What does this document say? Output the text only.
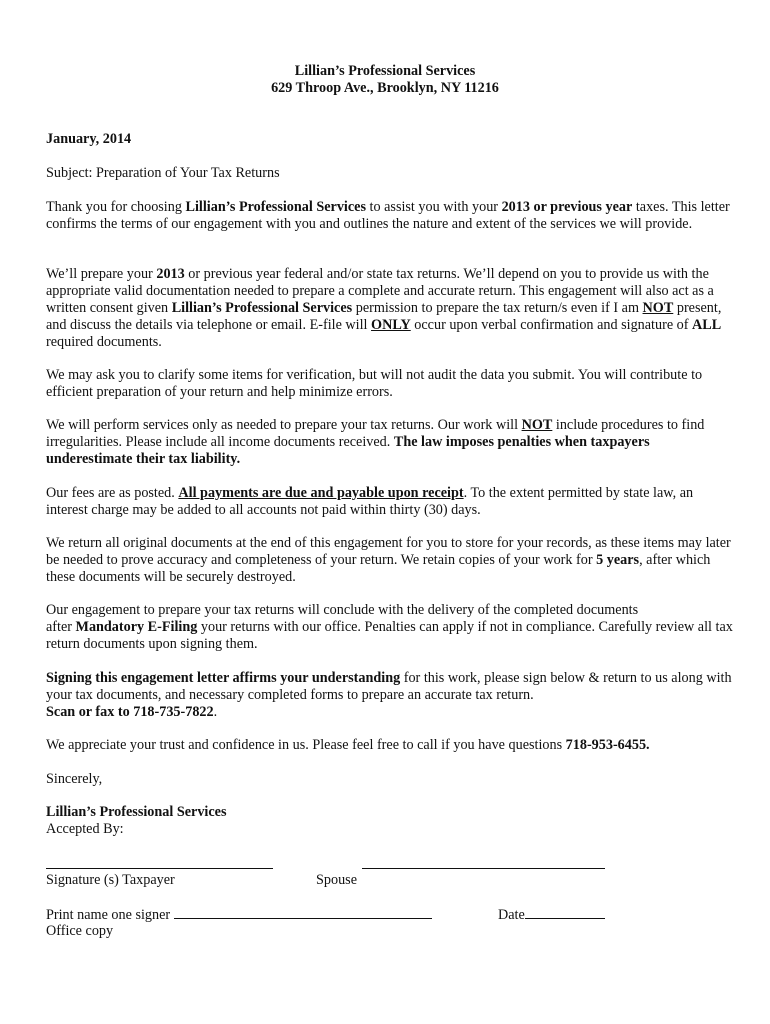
Lillian’s Professional Services
629 Throop Ave., Brooklyn, NY 11216
January, 2014
Subject: Preparation of Your Tax Returns
Thank you for choosing Lillian’s Professional Services to assist you with your 2013 or previous year taxes. This letter confirms the terms of our engagement with you and outlines the nature and extent of the services we will provide.
We’ll prepare your 2013 or previous year federal and/or state tax returns. We’ll depend on you to provide us with the appropriate valid documentation needed to prepare a complete and accurate return. This engagement will also act as a written consent given Lillian’s Professional Services permission to prepare the tax return/s even if I am NOT present, and discuss the details via telephone or email. E-file will ONLY occur upon verbal confirmation and signature of ALL required documents.
We may ask you to clarify some items for verification, but will not audit the data you submit. You will contribute to efficient preparation of your return and help minimize errors.
We will perform services only as needed to prepare your tax returns. Our work will NOT include procedures to find irregularities. Please include all income documents received. The law imposes penalties when taxpayers underestimate their tax liability.
Our fees are as posted. All payments are due and payable upon receipt. To the extent permitted by state law, an interest charge may be added to all accounts not paid within thirty (30) days.
We return all original documents at the end of this engagement for you to store for your records, as these items may later be needed to prove accuracy and completeness of your return. We retain copies of your work for 5 years, after which these documents will be securely destroyed.
Our engagement to prepare your tax returns will conclude with the delivery of the completed documents
after Mandatory E-Filing your returns with our office. Penalties can apply if not in compliance. Carefully review all tax return documents upon signing them.
Signing this engagement letter affirms your understanding for this work, please sign below & return to us along with your tax documents, and necessary completed forms to prepare an accurate tax return.
Scan or fax to 718-735-7822.
We appreciate your trust and confidence in us. Please feel free to call if you have questions 718-953-6455.
Sincerely,
Lillian’s Professional Services
Accepted By:
Signature (s) Taxpayer	Spouse
Print name one signer	Date
Office copy
